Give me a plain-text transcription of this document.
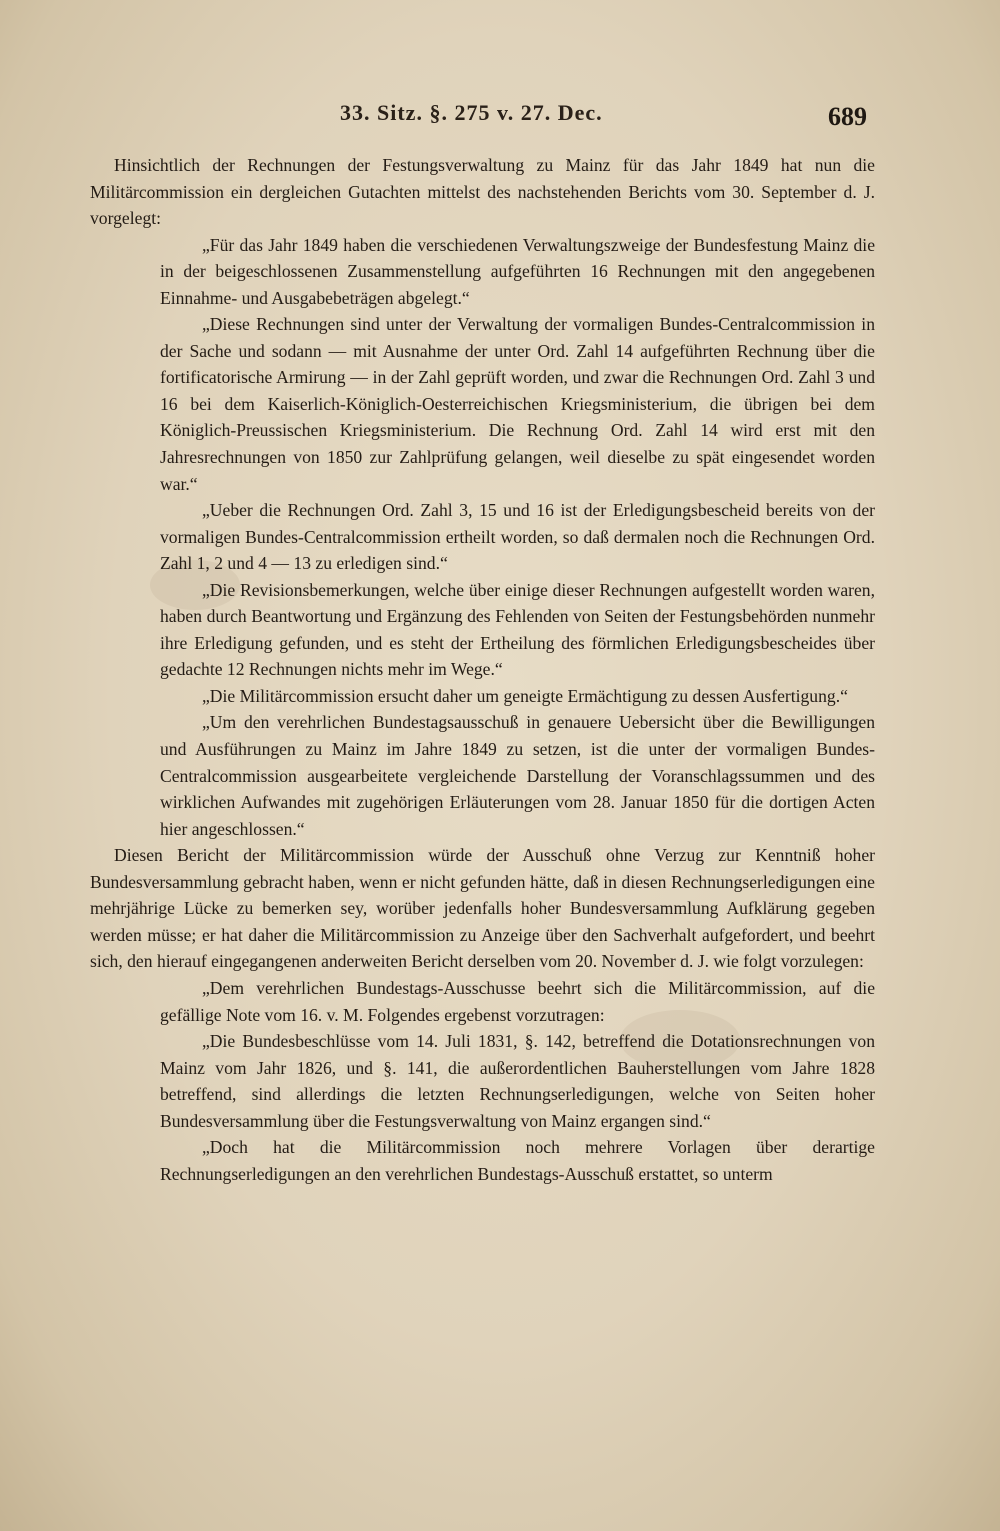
33. Sitz. §. 275 v. 27. Dec.	689

Hinsichtlich der Rechnungen der Festungsverwaltung zu Mainz für das Jahr 1849 hat nun die Militärcommission ein dergleichen Gutachten mittelst des nachstehenden Berichts vom 30. September d. J. vorgelegt:

„Für das Jahr 1849 haben die verschiedenen Verwaltungszweige der Bundesfestung Mainz die in der beigeschlossenen Zusammenstellung aufgeführten 16 Rechnungen mit den angegebenen Einnahme- und Ausgabebeträgen abgelegt.“

„Diese Rechnungen sind unter der Verwaltung der vormaligen Bundes-Centralcommission in der Sache und sodann — mit Ausnahme der unter Ord. Zahl 14 aufgeführten Rechnung über die fortificatorische Armirung — in der Zahl geprüft worden, und zwar die Rechnungen Ord. Zahl 3 und 16 bei dem Kaiserlich-Königlich-Oesterreichischen Kriegsministerium, die übrigen bei dem Königlich-Preussischen Kriegsministerium. Die Rechnung Ord. Zahl 14 wird erst mit den Jahresrechnungen von 1850 zur Zahlprüfung gelangen, weil dieselbe zu spät eingesendet worden war.“

„Ueber die Rechnungen Ord. Zahl 3, 15 und 16 ist der Erledigungsbescheid bereits von der vormaligen Bundes-Centralcommission ertheilt worden, so daß dermalen noch die Rechnungen Ord. Zahl 1, 2 und 4 — 13 zu erledigen sind.“

„Die Revisionsbemerkungen, welche über einige dieser Rechnungen aufgestellt worden waren, haben durch Beantwortung und Ergänzung des Fehlenden von Seiten der Festungsbehörden nunmehr ihre Erledigung gefunden, und es steht der Ertheilung des förmlichen Erledigungsbescheides über gedachte 12 Rechnungen nichts mehr im Wege.“

„Die Militärcommission ersucht daher um geneigte Ermächtigung zu dessen Ausfertigung.“

„Um den verehrlichen Bundestagsausschuß in genauere Uebersicht über die Bewilligungen und Ausführungen zu Mainz im Jahre 1849 zu setzen, ist die unter der vormaligen Bundes-Centralcommission ausgearbeitete vergleichende Darstellung der Voranschlagssummen und des wirklichen Aufwandes mit zugehörigen Erläuterungen vom 28. Januar 1850 für die dortigen Acten hier angeschlossen.“

Diesen Bericht der Militärcommission würde der Ausschuß ohne Verzug zur Kenntniß hoher Bundesversammlung gebracht haben, wenn er nicht gefunden hätte, daß in diesen Rechnungserledigungen eine mehrjährige Lücke zu bemerken sey, worüber jedenfalls hoher Bundesversammlung Aufklärung gegeben werden müsse; er hat daher die Militärcommission zu Anzeige über den Sachverhalt aufgefordert, und beehrt sich, den hierauf eingegangenen anderweiten Bericht derselben vom 20. November d. J. wie folgt vorzulegen:

„Dem verehrlichen Bundestags-Ausschusse beehrt sich die Militärcommission, auf die gefällige Note vom 16. v. M. Folgendes ergebenst vorzutragen:

„Die Bundesbeschlüsse vom 14. Juli 1831, §. 142, betreffend die Dotationsrechnungen von Mainz vom Jahr 1826, und §. 141, die außerordentlichen Bauherstellungen vom Jahre 1828 betreffend, sind allerdings die letzten Rechnungserledigungen, welche von Seiten hoher Bundesversammlung über die Festungsverwaltung von Mainz ergangen sind.“

„Doch hat die Militärcommission noch mehrere Vorlagen über derartige Rechnungserledigungen an den verehrlichen Bundestags-Ausschuß erstattet, so unterm
